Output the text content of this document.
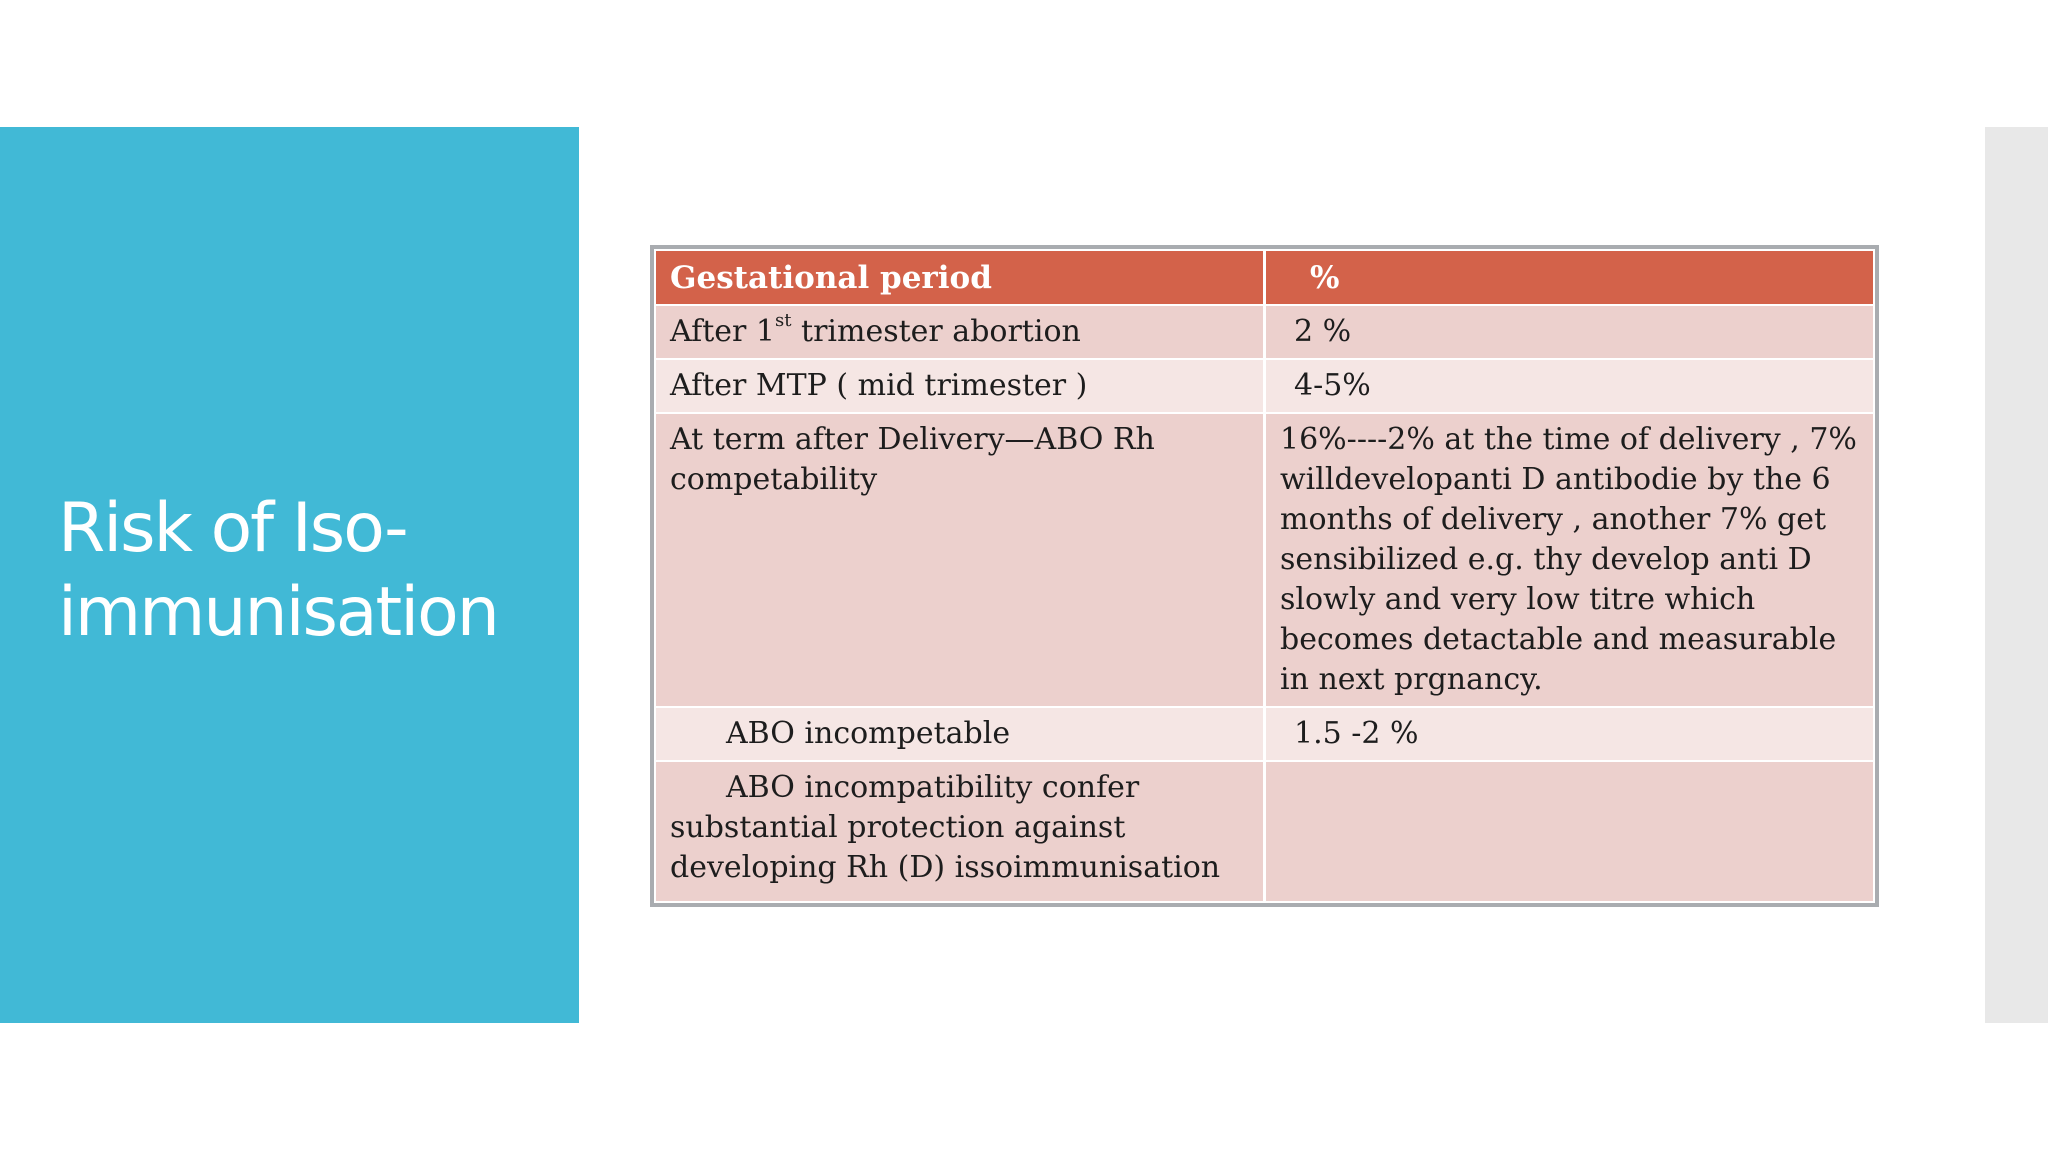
Risk of Iso-
immunisation
Gestational period	%
After 1st trimester abortion	2 %
After MTP ( mid trimester )	4-5%
At term after Delivery—ABO Rh competability	16%----2% at the time of delivery , 7% willdevelopanti D antibodie by the 6 months of delivery , another 7% get sensibilized e.g. thy develop anti D slowly and very low titre which becomes detactable and measurable in next prgnancy.
ABO incompetable	1.5 -2 %

ABO incompatibility confer
substantial protection against developing Rh (D) issoimmunisation	
